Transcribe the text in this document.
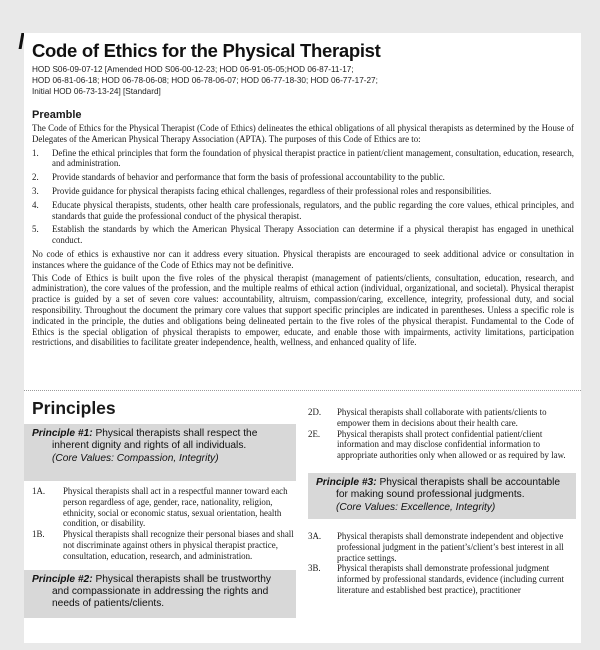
Code of Ethics for the Physical Therapist
HOD S06-09-07-12 [Amended HOD S06-00-12-23; HOD 06-91-05-05;HOD 06-87-11-17;
HOD 06-81-06-18; HOD 06-78-06-08; HOD 06-78-06-07; HOD 06-77-18-30; HOD 06-77-17-27;
Initial HOD 06-73-13-24] [Standard]
Preamble

The Code of Ethics for the Physical Therapist (Code of Ethics) delineates the ethical obligations of all physical therapists as determined by the House of Delegates of the American Physical Therapy Association (APTA). The purposes of this Code of Ethics are to:

1. Define the ethical principles that form the foundation of physical therapist practice in patient/client management, consultation, education, research, and administration.
2. Provide standards of behavior and performance that form the basis of professional accountability to the public.
3. Provide guidance for physical therapists facing ethical challenges, regardless of their professional roles and responsibilities.
4. Educate physical therapists, students, other health care professionals, regulators, and the public regarding the core values, ethical principles, and standards that guide the professional conduct of the physical therapist.
5. Establish the standards by which the American Physical Therapy Association can determine if a physical therapist has engaged in unethical conduct.

No code of ethics is exhaustive nor can it address every situation. Physical therapists are encouraged to seek additional advice or consultation in instances where the guidance of the Code of Ethics may not be definitive.

This Code of Ethics is built upon the five roles of the physical therapist (management of patients/clients, consultation, education, research, and administration), the core values of the profession, and the multiple realms of ethical action (individual, organizational, and societal). Physical therapist practice is guided by a set of seven core values: accountability, altruism, compassion/caring, excellence, integrity, professional duty, and social responsibility. Throughout the document the primary core values that support specific principles are indicated in parentheses. Unless a specific role is indicated in the principle, the duties and obligations being delineated pertain to the five roles of the physical therapist. Fundamental to the Code of Ethics is the special obligation of physical therapists to empower, educate, and enable those with impairments, activity limitations, participation restrictions, and disabilities to facilitate greater independence, health, wellness, and enhanced quality of life.

Principles
Principle #1: Physical therapists shall respect the
inherent dignity and rights of all individuals.
(Core Values: Compassion, Integrity)
1A. Physical therapists shall act in a respectful manner toward each person regardless of age, gender, race, nationality, religion, ethnicity, social or economic status, sexual orientation, health condition, or disability.
1B. Physical therapists shall recognize their personal biases and shall not discriminate against others in physical therapist practice, consultation, education, research, and administration.
Principle #2: Physical therapists shall be trustworthy
and compassionate in addressing the rights and needs of patients/clients.
2D. Physical therapists shall collaborate with patients/clients to empower them in decisions about their health care.
2E. Physical therapists shall protect confidential patient/client information and may disclose confidential information to appropriate authorities only when allowed or as required by law.
Principle #3: Physical therapists shall be accountable
for making sound professional judgments.
(Core Values: Excellence, Integrity)
3A. Physical therapists shall demonstrate independent and objective professional judgment in the patient’s/client’s best interest in all practice settings.
3B. Physical therapists shall demonstrate professional judgment informed by professional standards, evidence (including current literature and established best practice), practitioner
